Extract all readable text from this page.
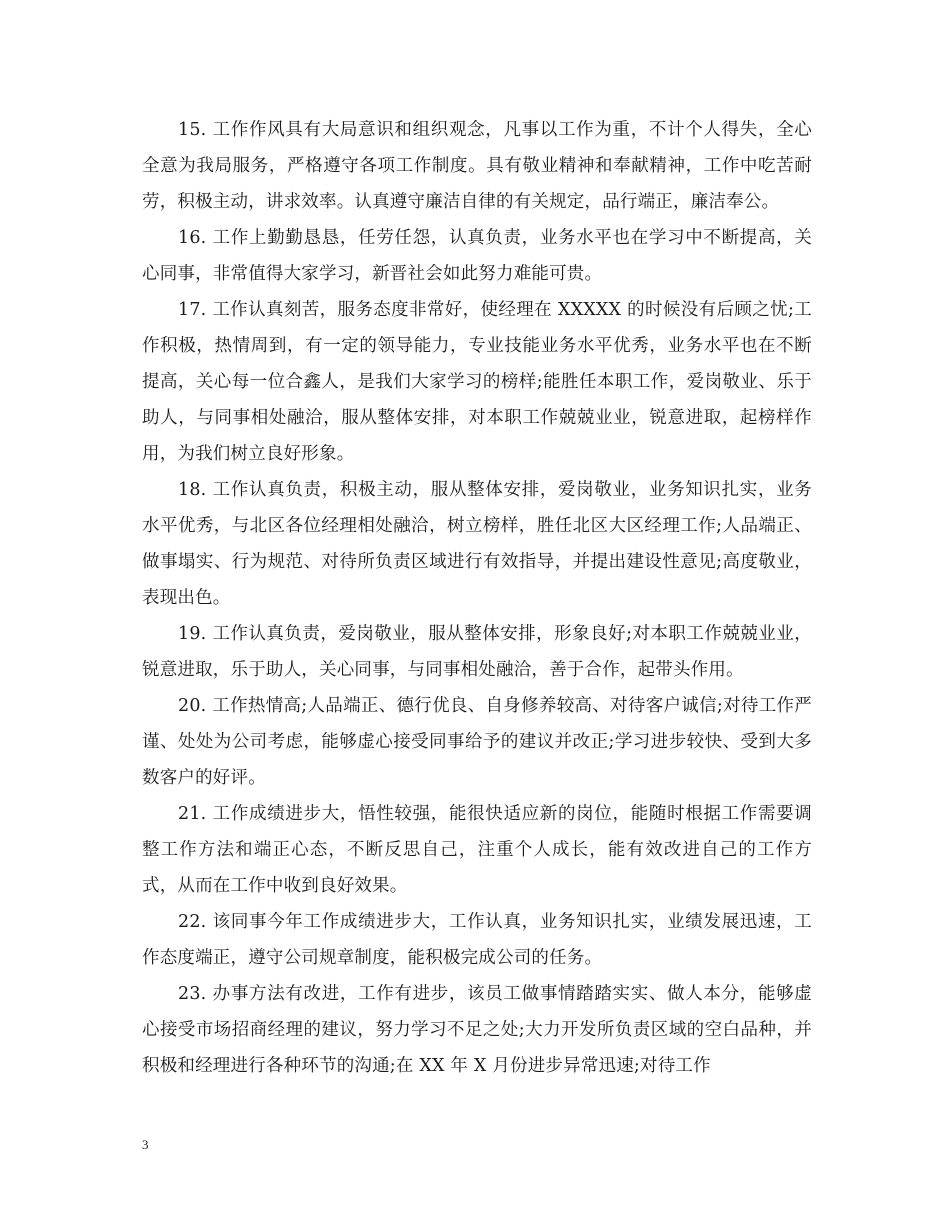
15. 工作作风具有大局意识和组织观念，凡事以工作为重，不计个人得失，全心全意为我局服务，严格遵守各项工作制度。具有敬业精神和奉献精神，工作中吃苦耐劳，积极主动，讲求效率。认真遵守廉洁自律的有关规定，品行端正，廉洁奉公。

16. 工作上勤勤恳恳，任劳任怨，认真负责，业务水平也在学习中不断提高，关心同事，非常值得大家学习，新晋社会如此努力难能可贵。

17. 工作认真刻苦，服务态度非常好，使经理在 XXXXX 的时候没有后顾之忧;工作积极，热情周到，有一定的领导能力，专业技能业务水平优秀，业务水平也在不断提高，关心每一位合鑫人，是我们大家学习的榜样;能胜任本职工作，爱岗敬业、乐于助人，与同事相处融洽，服从整体安排，对本职工作兢兢业业，锐意进取，起榜样作用，为我们树立良好形象。

18. 工作认真负责，积极主动，服从整体安排，爱岗敬业，业务知识扎实，业务水平优秀，与北区各位经理相处融洽，树立榜样，胜任北区大区经理工作;人品端正、做事塌实、行为规范、对待所负责区域进行有效指导，并提出建设性意见;高度敬业，表现出色。

19. 工作认真负责，爱岗敬业，服从整体安排，形象良好;对本职工作兢兢业业，锐意进取，乐于助人，关心同事，与同事相处融洽，善于合作，起带头作用。

20. 工作热情高;人品端正、德行优良、自身修养较高、对待客户诚信;对待工作严谨、处处为公司考虑，能够虚心接受同事给予的建议并改正;学习进步较快、受到大多数客户的好评。

21. 工作成绩进步大，悟性较强，能很快适应新的岗位，能随时根据工作需要调整工作方法和端正心态，不断反思自己，注重个人成长，能有效改进自己的工作方式，从而在工作中收到良好效果。

22. 该同事今年工作成绩进步大，工作认真，业务知识扎实，业绩发展迅速，工作态度端正，遵守公司规章制度，能积极完成公司的任务。

23. 办事方法有改进，工作有进步，该员工做事情踏踏实实、做人本分，能够虚心接受市场招商经理的建议，努力学习不足之处;大力开发所负责区域的空白品种，并积极和经理进行各种环节的沟通;在 XX 年 X 月份进步异常迅速;对待工作

3
